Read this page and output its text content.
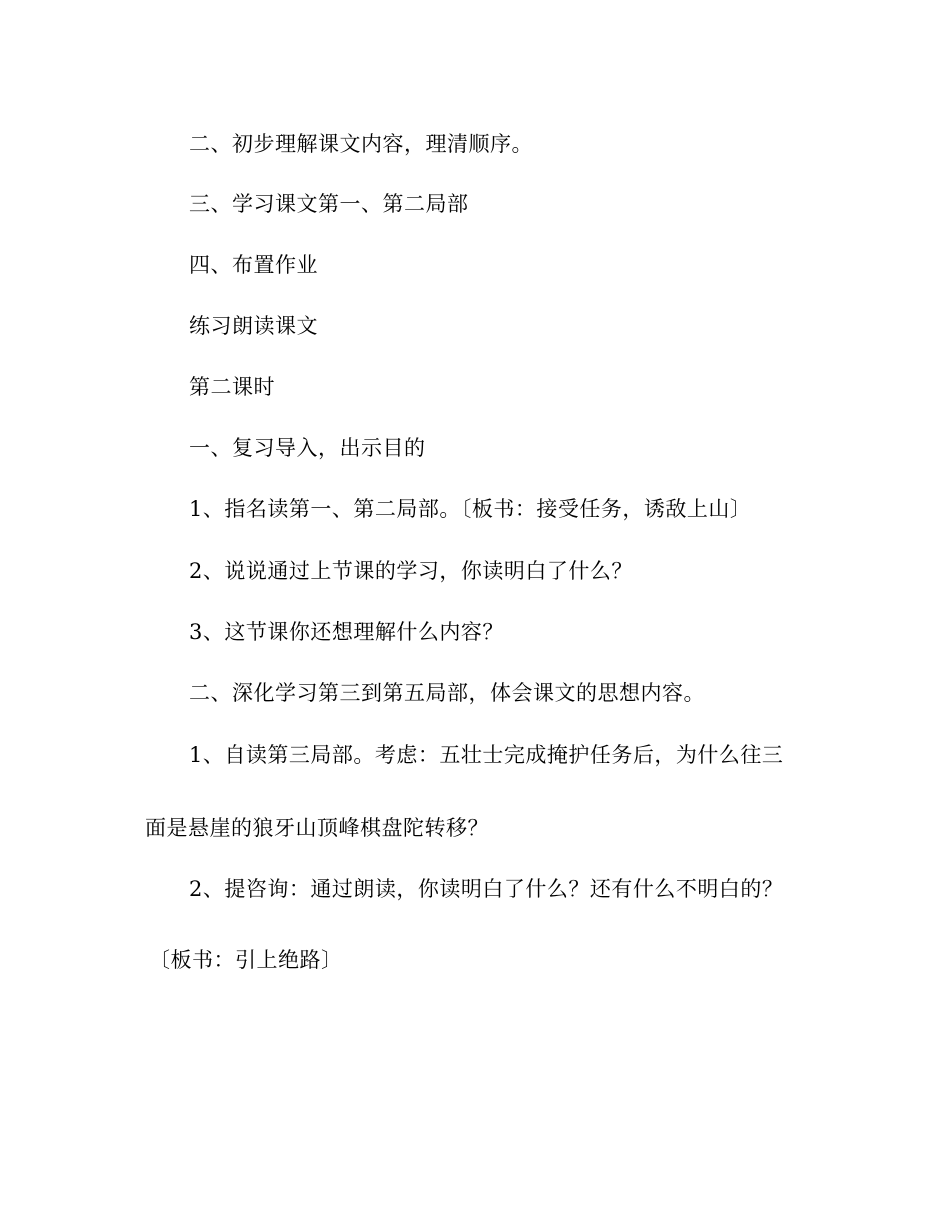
二、初步理解课文内容，理清顺序。
三、学习课文第一、第二局部
四、布置作业
练习朗读课文
第二课时
一、复习导入，出示目的
1、指名读第一、第二局部。〔板书：接受任务，诱敌上山〕
2、说说通过上节课的学习，你读明白了什么？
3、这节课你还想理解什么内容？
二、深化学习第三到第五局部，体会课文的思想内容。
1、自读第三局部。考虑：五壮士完成掩护任务后，为什么往三
面是悬崖的狼牙山顶峰棋盘陀转移？
2、提咨询：通过朗读，你读明白了什么？还有什么不明白的？
〔板书：引上绝路〕
